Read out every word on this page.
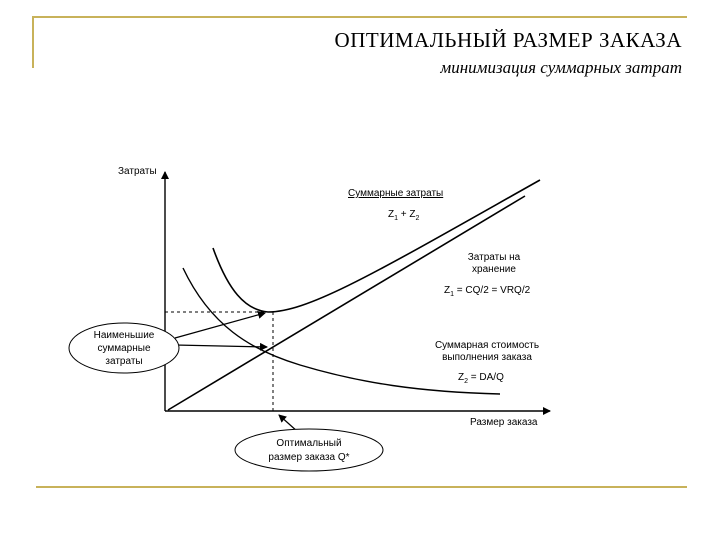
ОПТИМАЛЬНЫЙ РАЗМЕР ЗАКАЗА
минимизация суммарных затрат
Затраты
Размер заказа
Суммарные затраты
$Z_1 + Z_2$
Затраты на
хранение
$Z_1 = CQ/2 = VRQ/2$
Суммарная стоимость
выполнения заказа
$Z_2 = DA/Q$
Наименьшие
суммарные
затраты
Оптимальный
размер заказа Q*
